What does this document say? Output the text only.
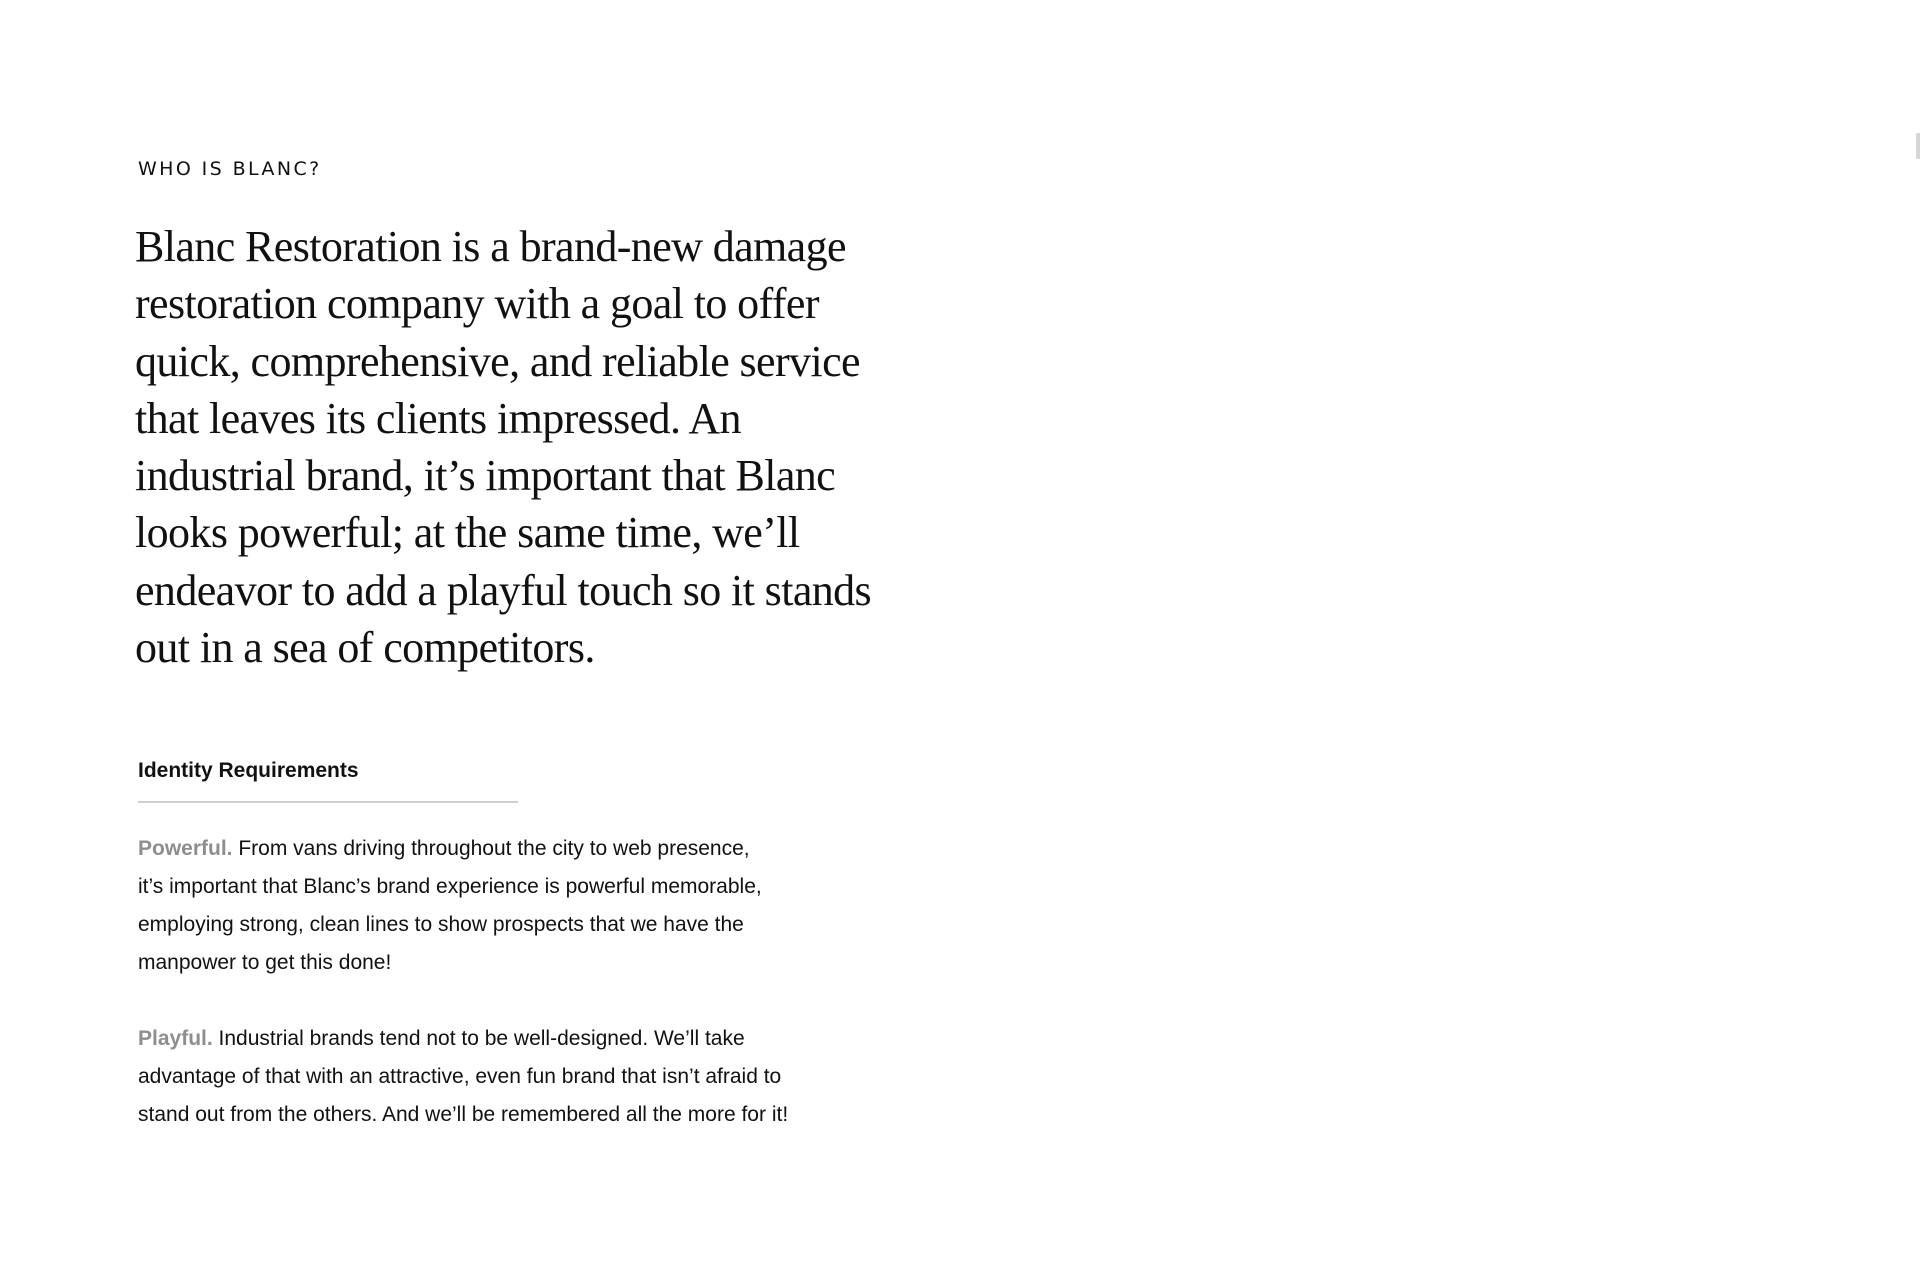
WHO IS BLANC?

Blanc Restoration is a brand-new damage restoration company with a goal to offer quick, comprehensive, and reliable service that leaves its clients impressed. An industrial brand, it’s important that Blanc looks powerful; at the same time, we’ll endeavor to add a playful touch so it stands out in a sea of competitors.

Identity Requirements

Powerful. From vans driving throughout the city to web presence,
it’s important that Blanc’s brand experience is powerful memorable,
employing strong, clean lines to show prospects that we have the
manpower to get this done!

Playful. Industrial brands tend not to be well-designed. We’ll take
advantage of that with an attractive, even fun brand that isn’t afraid to
stand out from the others. And we’ll be remembered all the more for it!
